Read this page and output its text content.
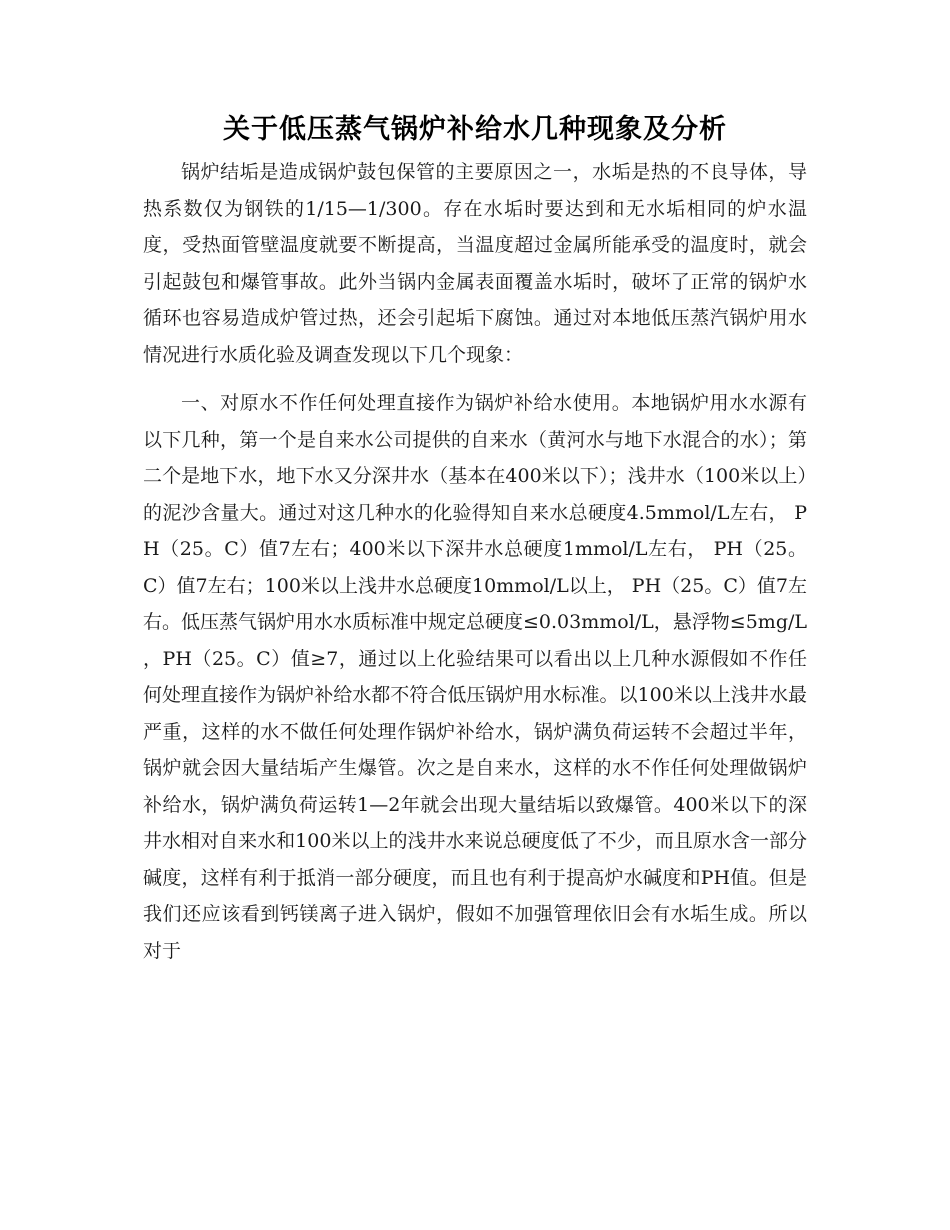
关于低压蒸气锅炉补给水几种现象及分析

锅炉结垢是造成锅炉鼓包保管的主要原因之一，水垢是热的不良导体，导热系数仅为钢铁的1/15—1/300。存在水垢时要达到和无水垢相同的炉水温度，受热面管壁温度就要不断提高，当温度超过金属所能承受的温度时，就会引起鼓包和爆管事故。此外当锅内金属表面覆盖水垢时，破坏了正常的锅炉水循环也容易造成炉管过热，还会引起垢下腐蚀。通过对本地低压蒸汽锅炉用水情况进行水质化验及调查发现以下几个现象：

一、对原水不作任何处理直接作为锅炉补给水使用。本地锅炉用水水源有以下几种，第一个是自来水公司提供的自来水（黄河水与地下水混合的水）；第二个是地下水，地下水又分深井水（基本在400米以下）；浅井水（100米以上）的泥沙含量大。通过对这几种水的化验得知自来水总硬度4.5mmol/L左右， PH（25。C）值7左右；400米以下深井水总硬度1mmol/L左右， PH（25。C）值7左右；100米以上浅井水总硬度10mmol/L以上， PH（25。C）值7左右。低压蒸气锅炉用水水质标准中规定总硬度≤0.03mmol/L，悬浮物≤5mg/L ，PH（25。C）值≥7，通过以上化验结果可以看出以上几种水源假如不作任何处理直接作为锅炉补给水都不符合低压锅炉用水标准。以100米以上浅井水最严重，这样的水不做任何处理作锅炉补给水，锅炉满负荷运转不会超过半年，锅炉就会因大量结垢产生爆管。次之是自来水，这样的水不作任何处理做锅炉补给水，锅炉满负荷运转1—2年就会出现大量结垢以致爆管。400米以下的深井水相对自来水和100米以上的浅井水来说总硬度低了不少，而且原水含一部分碱度，这样有利于抵消一部分硬度，而且也有利于提高炉水碱度和PH值。但是我们还应该看到钙镁离子进入锅炉，假如不加强管理依旧会有水垢生成。所以对于
